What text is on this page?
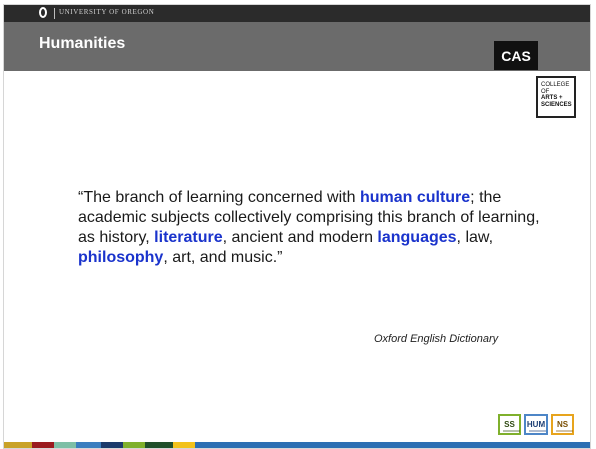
UNIVERSITY OF OREGON
Humanities
CAS
COLLEGE
OF
ARTS +
SCIENCES
“The branch of learning concerned with human culture; the academic subjects collectively comprising this branch of learning, as history, literature, ancient and modern languages, law, philosophy, art, and music.”
Oxford English Dictionary
SS	HUM	NS
